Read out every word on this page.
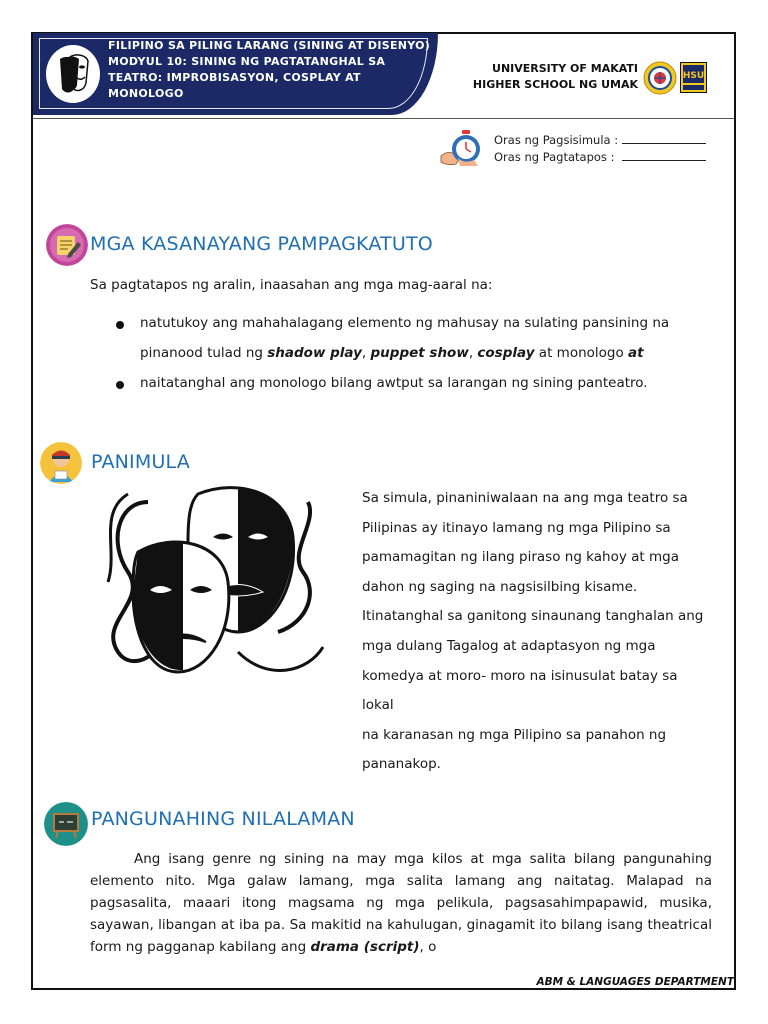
FILIPINO SA PILING LARANG (SINING AT DISENYO)
MODYUL 10: SINING NG PAGTATANGHAL SA
TEATRO: IMPROBISASYON, COSPLAY AT
MONOLOGO
UNIVERSITY OF MAKATI
HIGHER SCHOOL NG UMAK
HSU
Oras ng Pagsisimula :
Oras ng Pagtatapos :
MGA KASANAYANG PAMPAGKATUTO
Sa pagtatapos ng aralin, inaasahan ang mga mag-aaral na:
natutukoy ang mahahalagang elemento ng mahusay na sulating pansining na
pinanood tulad ng shadow play, puppet show, cosplay at monologo at
naitatanghal ang monologo bilang awtput sa larangan ng sining panteatro.
PANIMULA
Sa simula, pinaniniwalaan na ang mga teatro sa
Pilipinas ay itinayo lamang ng mga Pilipino sa
pamamagitan ng ilang piraso ng kahoy at mga
dahon ng saging na nagsisilbing kisame.
Itinatanghal sa ganitong sinaunang tanghalan ang
mga dulang Tagalog at adaptasyon ng mga
komedya at moro- moro na isinusulat batay sa lokal
na karanasan ng mga Pilipino sa panahon ng
pananakop.
PANGUNAHING NILALAMAN
Ang isang genre ng sining na may mga kilos at mga salita bilang pangunahing elemento nito. Mga galaw lamang, mga salita lamang ang naitatag. Malapad na pagsasalita, maaari itong magsama ng mga pelikula, pagsasahimpapawid, musika, sayawan, libangan at iba pa. Sa makitid na kahulugan, ginagamit ito bilang isang theatrical form ng pagganap kabilang ang drama (script), o
ABM & LANGUAGES DEPARTMENT
